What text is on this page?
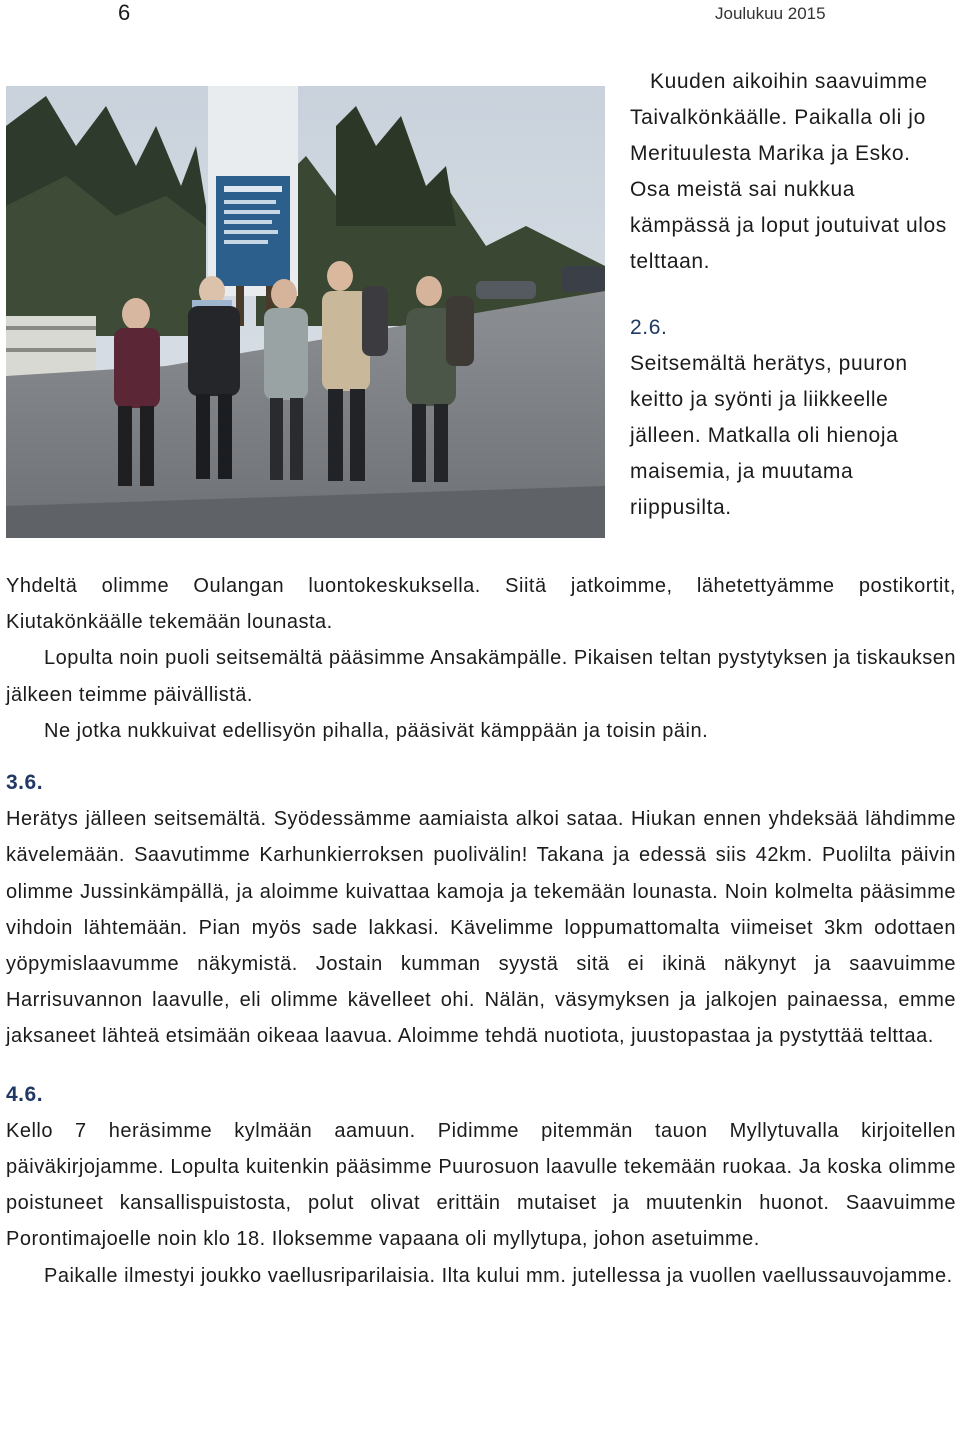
6	Joulukuu 2015

Kuuden aikoihin saavuimme Taivalkönkäälle. Paikalla oli jo Merituulesta Marika ja Esko. Osa meistä sai nukkua kämpässä ja loput joutuivat ulos telttaan.

2.6.

Seitsemältä herätys, puuron keitto ja syönti ja liikkeelle jälleen. Matkalla oli hienoja maisemia, ja muutama riippusilta.

Yhdeltä olimme Oulangan luontokeskuksella. Siitä jatkoimme, lähetettyämme postikortit, Kiutakönkäälle tekemään lounasta.

Lopulta noin puoli seitsemältä pääsimme Ansakämpälle. Pikaisen teltan pystytyksen ja tiskauksen jälkeen teimme päivällistä.

Ne jotka nukkuivat edellisyön pihalla, pääsivät kämppään ja toisin päin.

3.6.

Herätys jälleen seitsemältä. Syödessämme aamiaista alkoi sataa. Hiukan ennen yhdeksää lähdimme kävelemään. Saavutimme Karhunkierroksen puolivälin! Takana ja edessä siis 42km. Puolilta päivin olimme Jussinkämpällä, ja aloimme kuivattaa kamoja ja tekemään lounasta. Noin kolmelta pääsimme vihdoin lähtemään. Pian myös sade lakkasi. Kävelimme loppumattomalta viimeiset 3km odottaen yöpymislaavumme näkymistä. Jostain kumman syystä sitä ei ikinä näkynyt ja saavuimme Harrisuvannon laavulle, eli olimme kävelleet ohi. Nälän, väsymyksen ja jalkojen painaessa, emme jaksaneet lähteä etsimään oikeaa laavua. Aloimme tehdä nuotiota, juustopastaa ja pystyttää telttaa.

4.6.

Kello 7 heräsimme kylmään aamuun. Pidimme pitemmän tauon Myllytuvalla kirjoitellen päiväkirjojamme. Lopulta kuitenkin pääsimme Puurosuon laavulle tekemään ruokaa. Ja koska olimme poistuneet kansallispuistosta, polut olivat erittäin mutaiset ja muutenkin huonot. Saavuimme Porontimajoelle noin klo 18. Iloksemme vapaana oli myllytupa, johon asetuimme.

Paikalle ilmestyi joukko vaellusriparilaisia. Ilta kului mm. jutellessa ja vuollen vaellussauvojamme.
